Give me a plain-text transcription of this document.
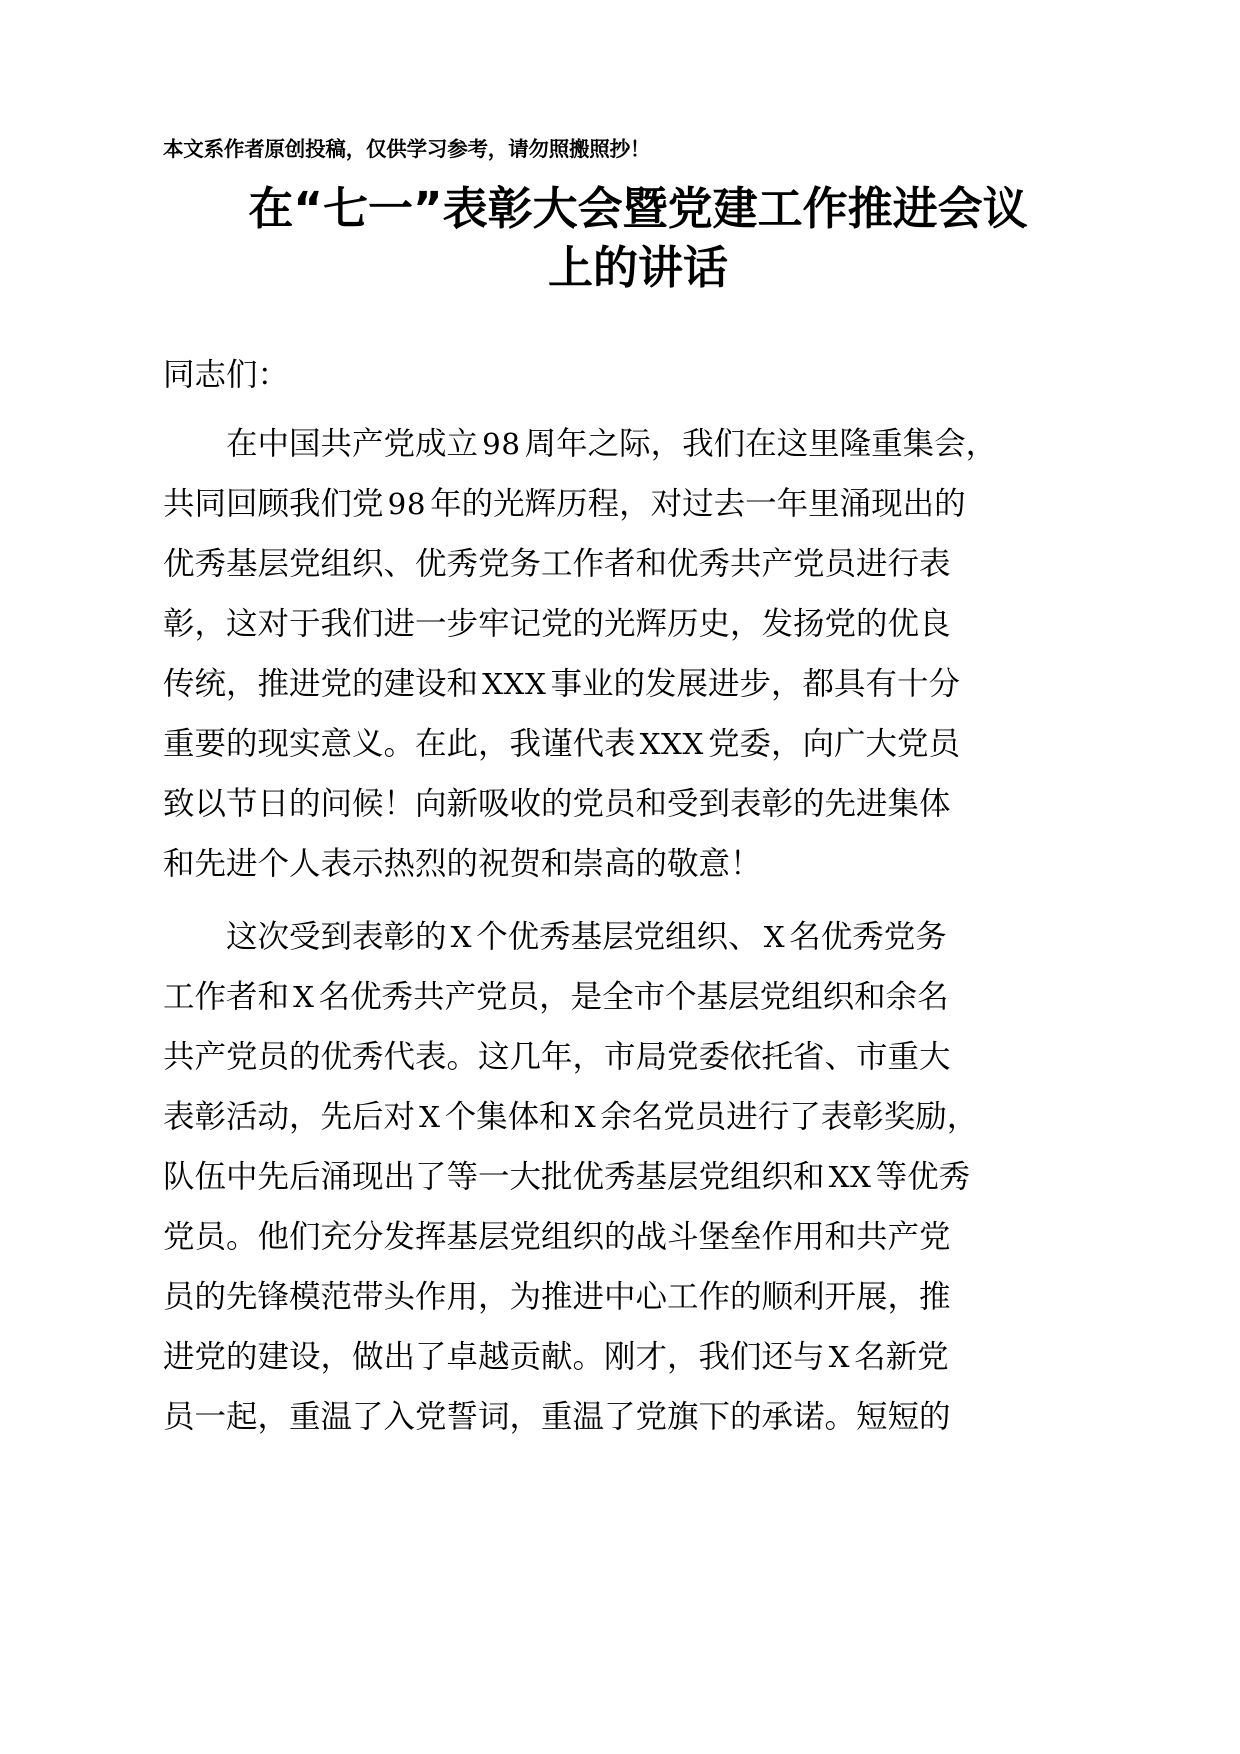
本文系作者原创投稿，仅供学习参考，请勿照搬照抄！
在“七一”表彰大会暨党建工作推进会议
上的讲话
同志们：
在中国共产党成立 98 周年之际，我们在这里隆重集会，
共同回顾我们党 98 年的光辉历程，对过去一年里涌现出的
优秀基层党组织、优秀党务工作者和优秀共产党员进行表
彰，这对于我们进一步牢记党的光辉历史，发扬党的优良
传统，推进党的建设和 XXX 事业的发展进步，都具有十分
重要的现实意义。在此，我谨代表 XXX 党委，向广大党员
致以节日的问候！向新吸收的党员和受到表彰的先进集体
和先进个人表示热烈的祝贺和崇高的敬意！
这次受到表彰的 X 个优秀基层党组织、 X 名优秀党务
工作者和 X 名优秀共产党员，是全市个基层党组织和余名
共产党员的优秀代表。这几年，市局党委依托省、市重大
表彰活动，先后对 X 个集体和 X 余名党员进行了表彰奖励，
队伍中先后涌现出了等一大批优秀基层党组织和 XX 等优秀
党员。他们充分发挥基层党组织的战斗堡垒作用和共产党
员的先锋模范带头作用，为推进中心工作的顺利开展，推
进党的建设，做出了卓越贡献。刚才，我们还与 X 名新党
员一起，重温了入党誓词，重温了党旗下的承诺。短短的
